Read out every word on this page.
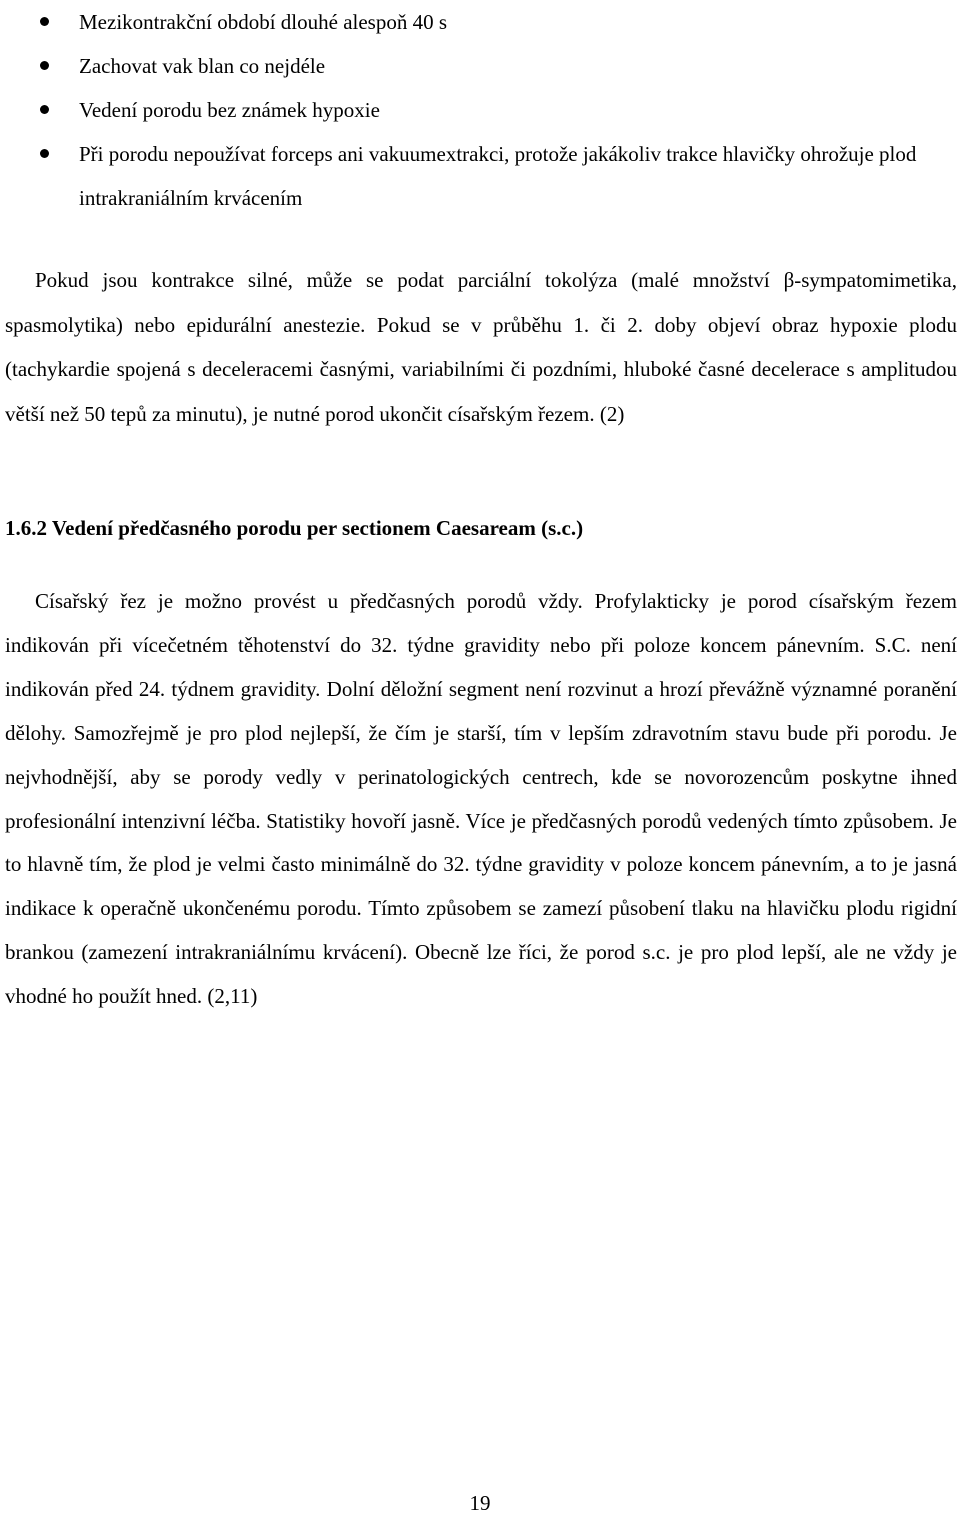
Mezikontrakční období dlouhé alespoň 40 s
Zachovat vak blan co nejdéle
Vedení porodu bez známek hypoxie
Při porodu nepoužívat forceps ani vakuumextrakci, protože jakákoliv trakce hlavičky ohrožuje plod intrakraniálním krvácením

Pokud jsou kontrakce silné, může se podat parciální tokolýza (malé množství β-sympatomimetika, spasmolytika) nebo epidurální anestezie. Pokud se v průběhu 1. či 2. doby objeví obraz hypoxie plodu (tachykardie spojená s deceleracemi časnými, variabilními či pozdními, hluboké časné decelerace s amplitudou větší než 50 tepů za minutu), je nutné porod ukončit císařským řezem. (2)

1.6.2 Vedení předčasného porodu per sectionem Caesaream (s.c.)

Císařský řez je možno provést u předčasných porodů vždy. Profylakticky je porod císařským řezem indikován při vícečetném těhotenství do 32. týdne gravidity nebo při poloze koncem pánevním. S.C. není indikován před 24. týdnem gravidity. Dolní děložní segment není rozvinut a hrozí převážně významné poranění dělohy. Samozřejmě je pro plod nejlepší, že čím je starší, tím v lepším zdravotním stavu bude při porodu. Je nejvhodnější, aby se porody vedly v perinatologických centrech, kde se novorozencům poskytne ihned profesionální intenzivní léčba. Statistiky hovoří jasně. Více je předčasných porodů vedených tímto způsobem. Je to hlavně tím, že plod je velmi často minimálně do 32. týdne gravidity v poloze koncem pánevním, a to je jasná indikace k operačně ukončenému porodu. Tímto způsobem se zamezí působení tlaku na hlavičku plodu rigidní brankou (zamezení intrakraniálnímu krvácení). Obecně lze říci, že porod s.c. je pro plod lepší, ale ne vždy je vhodné ho použít hned. (2,11)

19
